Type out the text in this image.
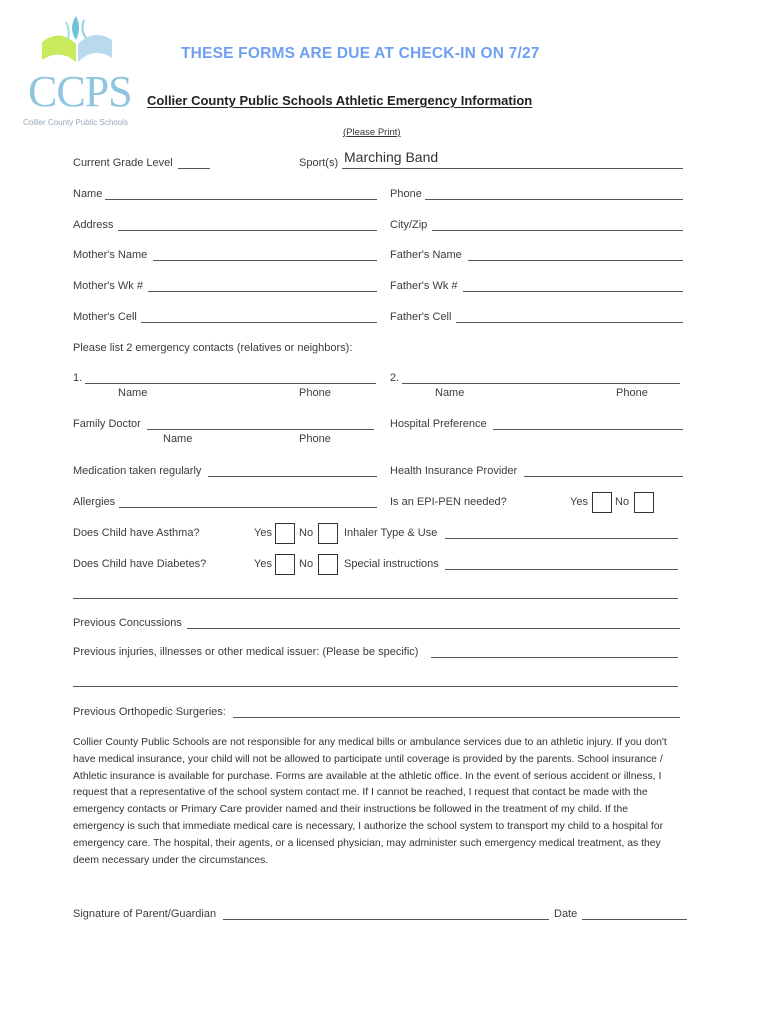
CCPS
Collier County Public Schools
THESE FORMS ARE DUE AT CHECK-IN ON 7/27
Collier County Public Schools Athletic Emergency Information
(Please Print)
Current Grade Level	Sport(s) Marching Band
Name	Phone
Address	City/Zip
Mother's Name	Father's Name
Mother's Wk #	Father's Wk #
Mother's Cell	Father's Cell
Please list 2 emergency contacts (relatives or neighbors):
1.
Name	Phone
2.
Name	Phone
Family Doctor
Name	Phone
Hospital Preference
Medication taken regularly	Health Insurance Provider
Allergies	Is an EPI-PEN needed?	Yes No
Does Child have Asthma?	Yes No	Inhaler Type & Use
Does Child have Diabetes?	Yes No	Special instructions
Previous Concussions
Previous injuries, illnesses or other medical issuer: (Please be specific)
Previous Orthopedic Surgeries:
Collier County Public Schools are not responsible for any medical bills or ambulance services due to an athletic injury. If you don't have medical insurance, your child will not be allowed to participate until coverage is provided by the parents. School insurance / Athletic insurance is available for purchase. Forms are available at the athletic office. In the event of serious accident or illness, I request that a representative of the school system contact me. If I cannot be reached, I request that contact be made with the emergency contacts or Primary Care provider named and their instructions be followed in the treatment of my child. If the emergency is such that immediate medical care is necessary, I authorize the school system to transport my child to a hospital for emergency care. The hospital, their agents, or a licensed physician, may administer such emergency medical treatment, as they deem necessary under the circumstances.
Signature of Parent/Guardian	Date
